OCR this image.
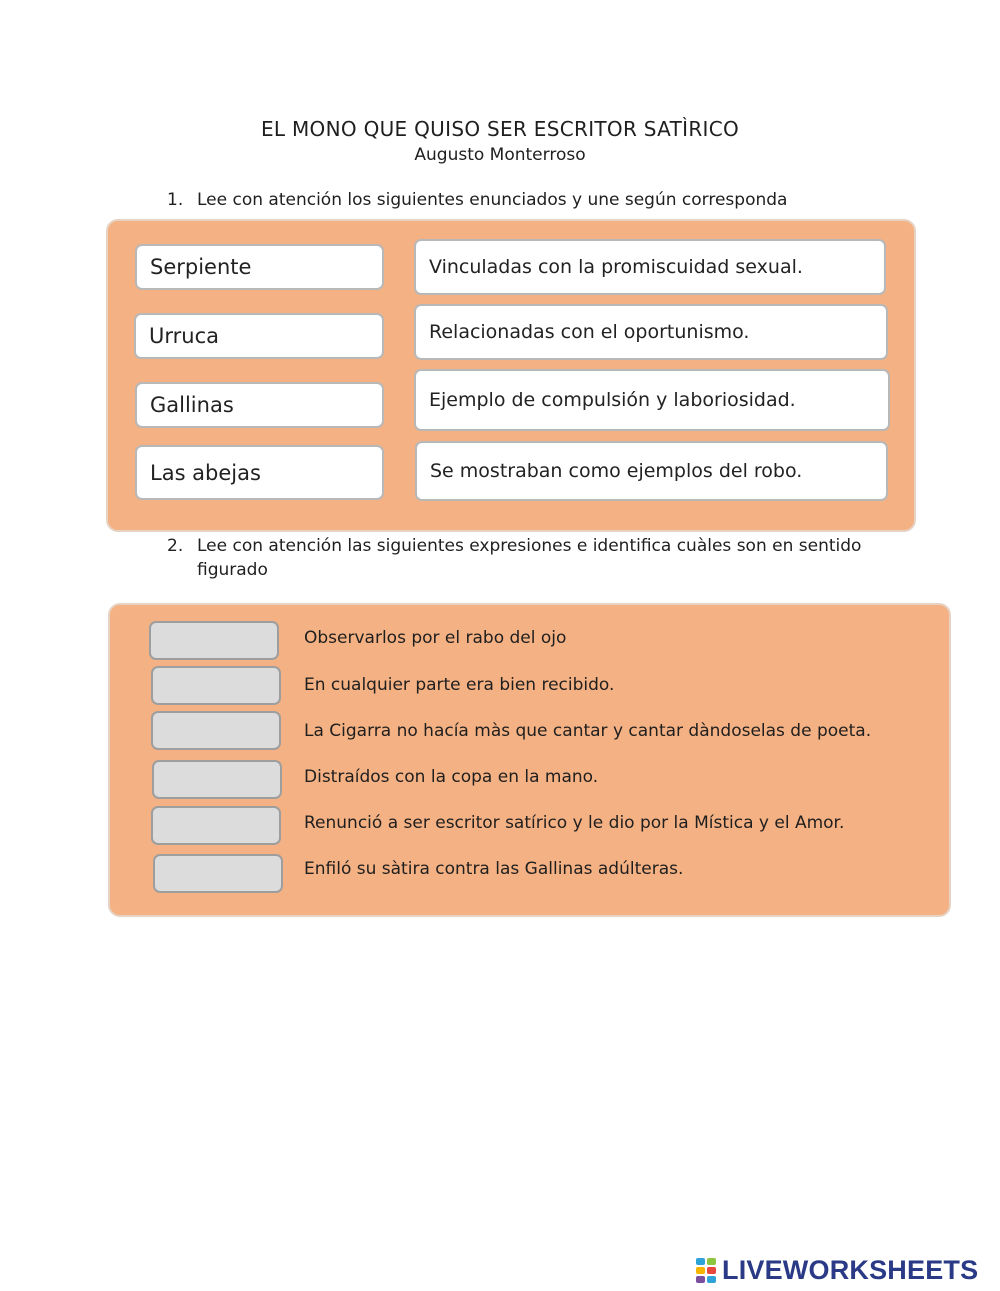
EL MONO QUE QUISO SER ESCRITOR SATÌRICO
Augusto Monterroso
1. Lee con atención los siguientes enunciados y une según corresponda
Serpiente
Urruca
Gallinas
Las abejas
Vinculadas con la promiscuidad sexual.
Relacionadas con el oportunismo.
Ejemplo de compulsión y laboriosidad.
Se mostraban como ejemplos del robo.
2. Lee con atención las siguientes expresiones e identifica cuàles son en sentido
figurado
Observarlos por el rabo del ojo
En cualquier parte era bien recibido.
La Cigarra no hacía màs que cantar y cantar dàndoselas de poeta.
Distraídos con la copa en la mano.
Renunció a ser escritor satírico y le dio por la Mística y el Amor.
Enfiló su sàtira contra las Gallinas adúlteras.
LIVEWORKSHEETS
